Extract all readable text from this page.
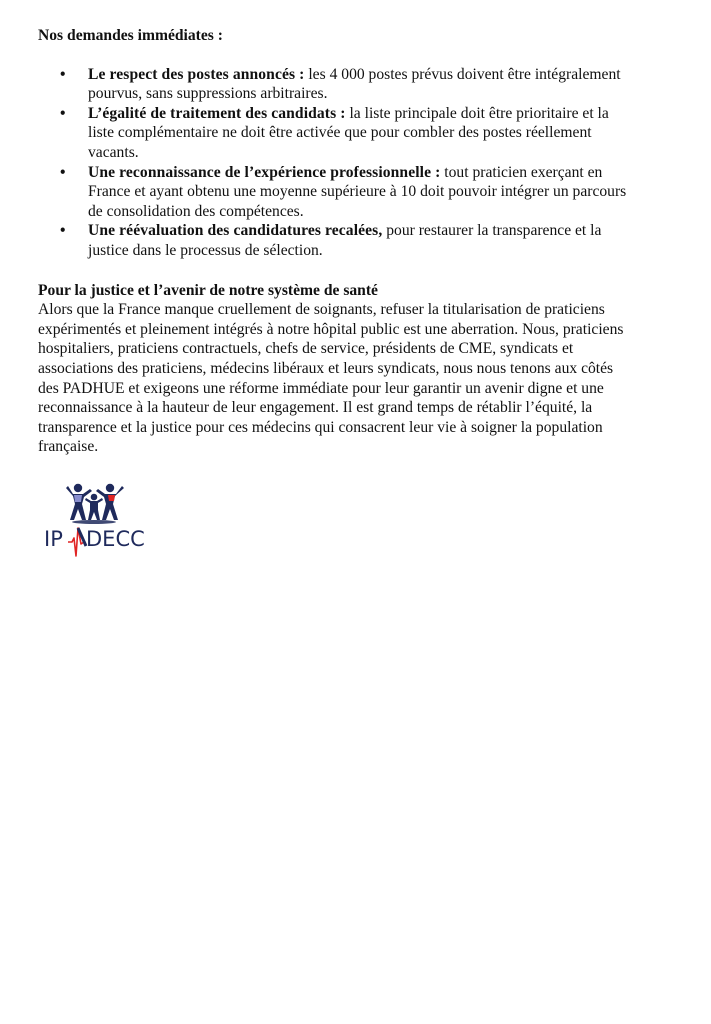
Nos demandes immédiates :

• Le respect des postes annoncés : les 4 000 postes prévus doivent être intégralement
pourvus, sans suppressions arbitraires.
• L’égalité de traitement des candidats : la liste principale doit être prioritaire et la
liste complémentaire ne doit être activée que pour combler des postes réellement
vacants.
• Une reconnaissance de l’expérience professionnelle : tout praticien exerçant en
France et ayant obtenu une moyenne supérieure à 10 doit pouvoir intégrer un parcours
de consolidation des compétences.
• Une réévaluation des candidatures recalées, pour restaurer la transparence et la
justice dans le processus de sélection.

Pour la justice et l’avenir de notre système de santé

Alors que la France manque cruellement de soignants, refuser la titularisation de praticiens
expérimentés et pleinement intégrés à notre hôpital public est une aberration. Nous, praticiens
hospitaliers, praticiens contractuels, chefs de service, présidents de CME, syndicats et
associations des praticiens, médecins libéraux et leurs syndicats, nous nous tenons aux côtés
des PADHUE et exigeons une réforme immédiate pour leur garantir un avenir digne et une
reconnaissance à la hauteur de leur engagement. Il est grand temps de rétablir l’équité, la
transparence et la justice pour ces médecins qui consacrent leur vie à soigner la population
française.

IP DECC
